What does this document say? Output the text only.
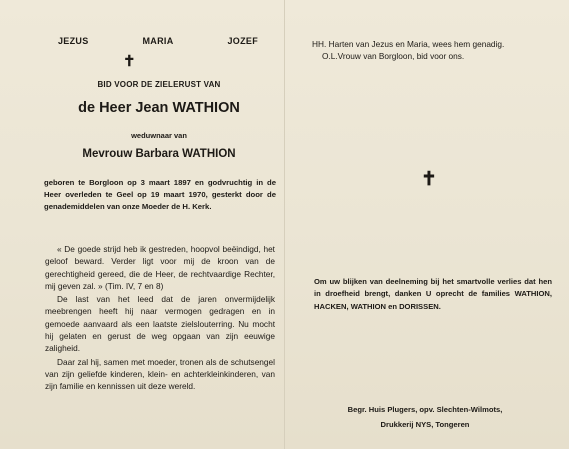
JEZUS	MARIA	JOZEF
✝
BID VOOR DE ZIELERUST VAN
de Heer Jean WATHION
weduwnaar van
Mevrouw Barbara WATHION
geboren te Borgloon op 3 maart 1897 en godvruchtig in de Heer overleden te Geel op 19 maart 1970, gesterkt door de genademiddelen van onze Moeder de H. Kerk.

« De goede strijd heb ik gestreden, hoopvol beëindigd, het geloof beward. Verder ligt voor mij de kroon van de gerechtigheid gereed, die de Heer, de rechtvaardige Rechter, mij geven zal. » (Tim. IV, 7 en 8)

De last van het leed dat de jaren onvermijdelijk meebrengen heeft hij naar vermogen gedragen en in gemoede aanvaard als een laatste zielslouterring. Nu mocht hij gelaten en gerust de weg opgaan van zijn eeuwige zaligheid.

Daar zal hij, samen met moeder, tronen als de schutsengel van zijn geliefde kinderen, klein- en achterkleinkinderen, van zijn familie en kennissen uit deze wereld.

HH. Harten van Jezus en Maria, wees hem genadig.

O.L.Vrouw van Borgloon, bid voor ons.

✝
Om uw blijken van deelneming bij het smartvolle verlies dat hen in droefheid brengt, danken U oprecht de families WATHION, HACKEN, WATHION en DORISSEN.
Begr. Huis Plugers, opv. Slechten-Wilmots,
Drukkerij NYS, Tongeren
